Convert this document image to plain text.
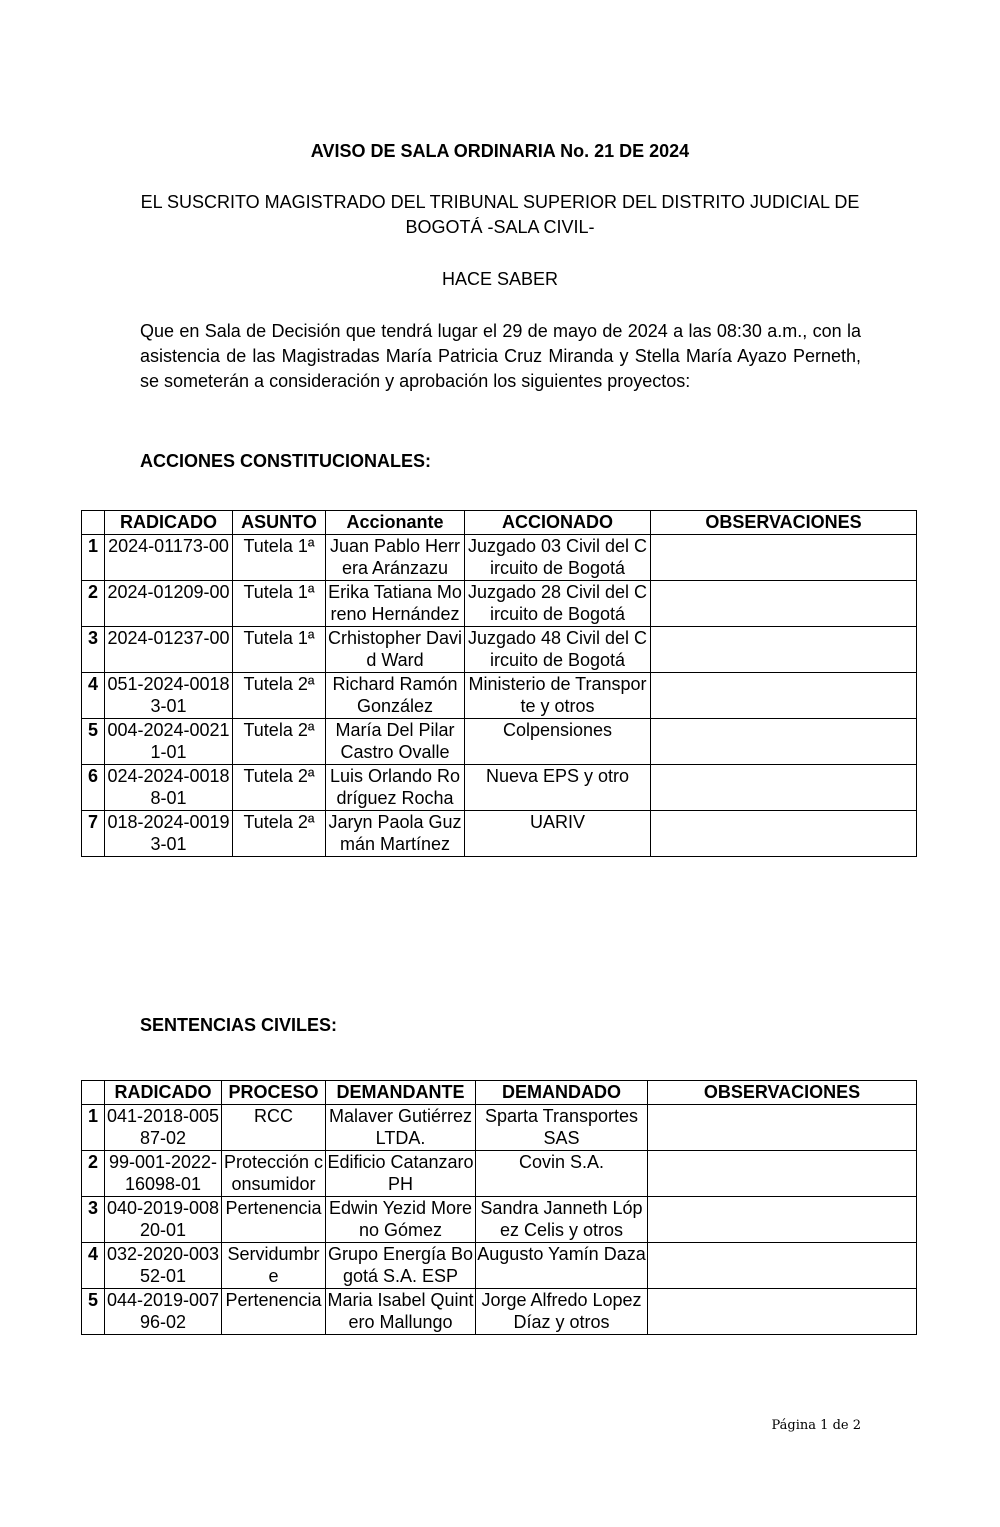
AVISO DE SALA ORDINARIA No. 21 DE 2024
EL SUSCRITO MAGISTRADO DEL TRIBUNAL SUPERIOR DEL DISTRITO JUDICIAL DE BOGOTÁ -SALA CIVIL-
HACE SABER
Que en Sala de Decisión que tendrá lugar el 29 de mayo de 2024 a las 08:30 a.m., con la asistencia de las Magistradas María Patricia Cruz Miranda y Stella María Ayazo Perneth, se someterán a consideración y aprobación los siguientes proyectos:
ACCIONES CONSTITUCIONALES:
	RADICADO	ASUNTO	Accionante	ACCIONADO	OBSERVACIONES
1	2024-01173-00	Tutela 1ª	Juan Pablo Herrera Aránzazu	Juzgado 03 Civil del Circuito de Bogotá	
2	2024-01209-00	Tutela 1ª	Erika Tatiana Moreno Hernández	Juzgado 28 Civil del Circuito de Bogotá	
3	2024-01237-00	Tutela 1ª	Crhistopher David Ward	Juzgado 48 Civil del Circuito de Bogotá	
4	051-2024-00183-01	Tutela 2ª	Richard Ramón González	Ministerio de Transporte y otros	
5	004-2024-00211-01	Tutela 2ª	María Del Pilar Castro Ovalle	Colpensiones	
6	024-2024-00188-01	Tutela 2ª	Luis Orlando Rodríguez Rocha	Nueva EPS y otro	
7	018-2024-00193-01	Tutela 2ª	Jaryn Paola Guzmán Martínez	UARIV	
SENTENCIAS CIVILES:
	RADICADO	PROCESO	DEMANDANTE	DEMANDADO	OBSERVACIONES
1	041-2018-00587-02	RCC	Malaver Gutiérrez LTDA.	Sparta Transportes SAS	
2	99-001-2022-16098-01	Protección consumidor	Edificio Catanzaro PH	Covin S.A.	
3	040-2019-00820-01	Pertenencia	Edwin Yezid Moreno Gómez	Sandra Janneth López Celis y otros	
4	032-2020-00352-01	Servidumbre	Grupo Energía Bogotá S.A. ESP	Augusto Yamín Daza	
5	044-2019-00796-02	Pertenencia	Maria Isabel Quintero Mallungo	Jorge Alfredo Lopez Díaz y otros	
Página 1 de 2
